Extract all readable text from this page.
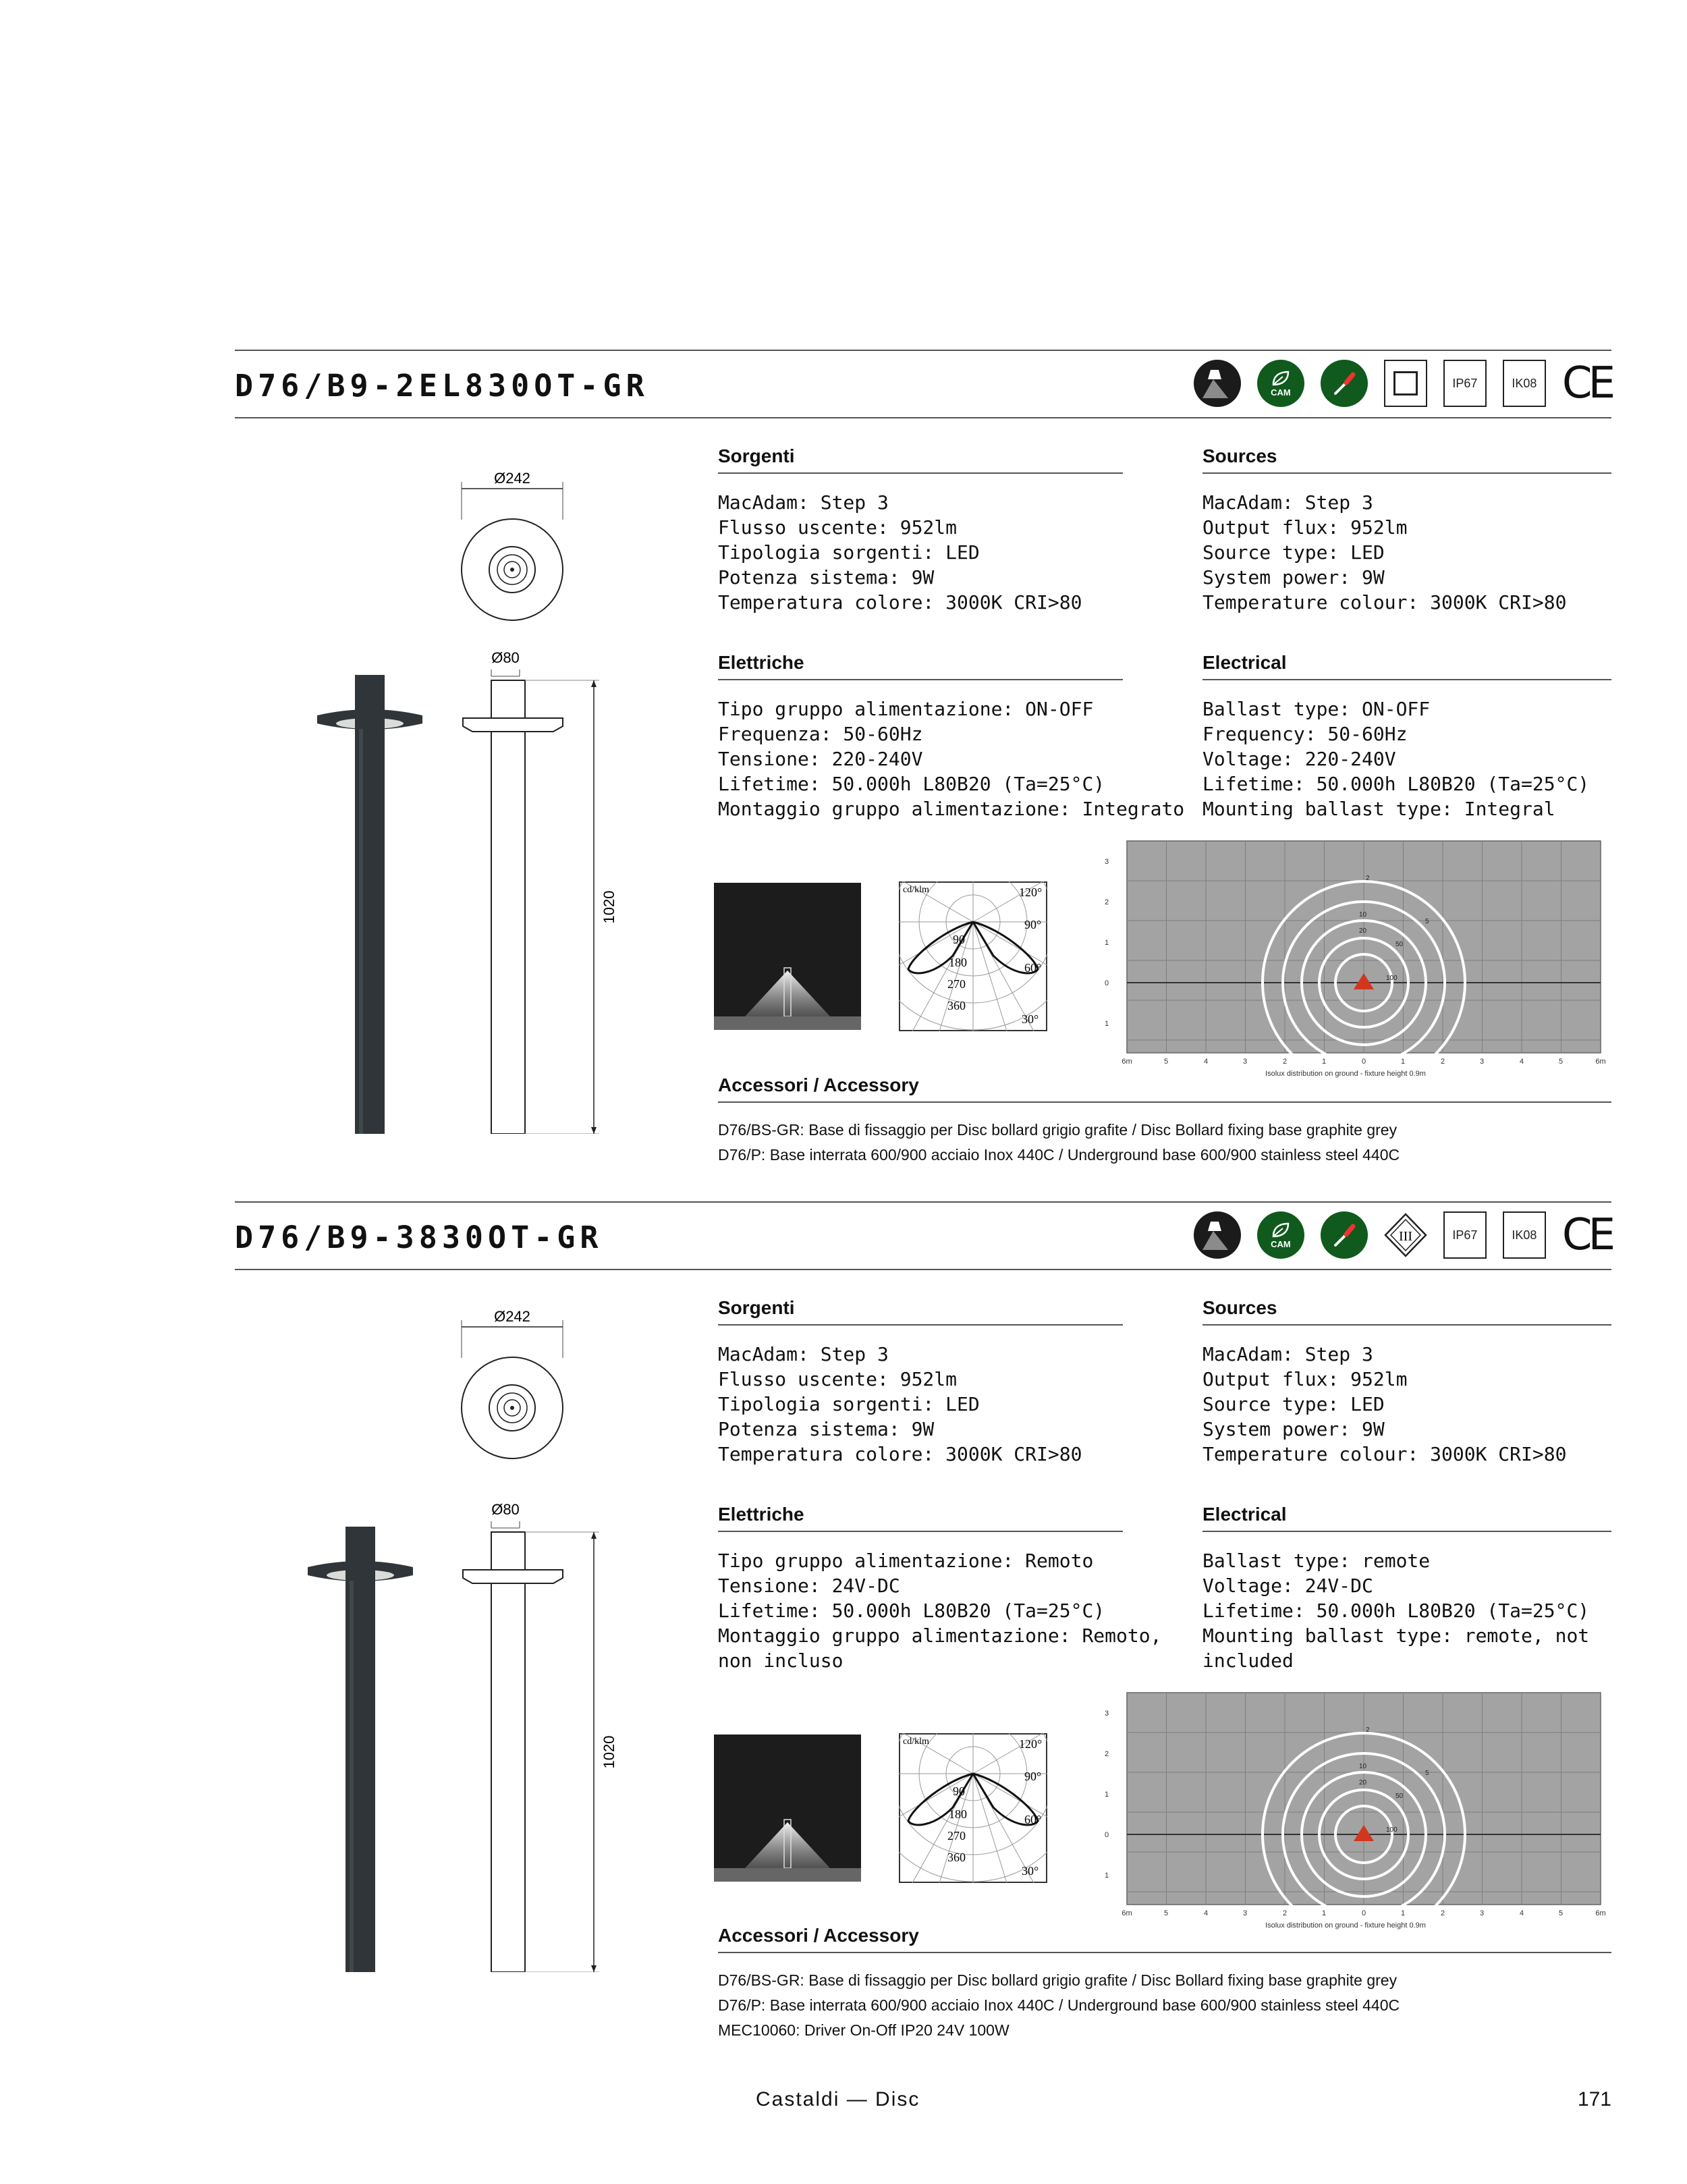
D76/B9-2EL830OT-GR	CAM
IP67	IK08 CE
Ø242
Ø80
1020
Sorgenti
MacAdam: Step 3
Flusso uscente: 952lm
Tipologia sorgenti: LED
Potenza sistema: 9W
Temperatura colore: 3000K CRI>80
Sources
MacAdam: Step 3
Output flux: 952lm
Source type: LED
System power: 9W
Temperature colour: 3000K CRI>80
Elettriche
Tipo gruppo alimentazione: ON-OFF
Frequenza: 50-60Hz
Tensione: 220-240V
Lifetime: 50.000h L80B20 (Ta=25°C)
Montaggio gruppo alimentazione: Integrato
Electrical
Ballast type: ON-OFF
Frequency: 50-60Hz
Voltage: 220-240V
Lifetime: 50.000h L80B20 (Ta=25°C)
Mounting ballast type: Integral
cd/klm	120°
90°
60°
30°
90
180
270
360
2
5
10
20
50
100
3
2
1
0
1
6m	5	4	3	2	1	0	1	2	3	4	5	6m
Isolux distribution on ground - fixture height 0.9m
Accessori / Accessory
D76/BS-GR: Base di fissaggio per Disc bollard grigio grafite / Disc Bollard fixing base graphite grey
D76/P: Base interrata 600/900 acciaio Inox 440C / Underground base 600/900 stainless steel 440C
D76/B9-3830OT-GR	CAM	III	IP67	IK08 CE
Ø242
Ø80
1020
Sorgenti
MacAdam: Step 3
Flusso uscente: 952lm
Tipologia sorgenti: LED
Potenza sistema: 9W
Temperatura colore: 3000K CRI>80
Sources
MacAdam: Step 3
Output flux: 952lm
Source type: LED
System power: 9W
Temperature colour: 3000K CRI>80
Elettriche
Tipo gruppo alimentazione: Remoto
Tensione: 24V-DC
Lifetime: 50.000h L80B20 (Ta=25°C)
Montaggio gruppo alimentazione: Remoto,
non incluso
Electrical
Ballast type: remote
Voltage: 24V-DC
Lifetime: 50.000h L80B20 (Ta=25°C)
Mounting ballast type: remote, not
included
cd/klm	120°
90°
60°
30°
90
180
270
360
2
5
10
20
50
100
3
2
1
0
1
6m	5	4	3	2	1	0	1	2	3	4	5	6m
Isolux distribution on ground - fixture height 0.9m
Accessori / Accessory
D76/BS-GR: Base di fissaggio per Disc bollard grigio grafite / Disc Bollard fixing base graphite grey
D76/P: Base interrata 600/900 acciaio Inox 440C / Underground base 600/900 stainless steel 440C
MEC10060: Driver On-Off IP20 24V 100W
Castaldi — Disc	171
